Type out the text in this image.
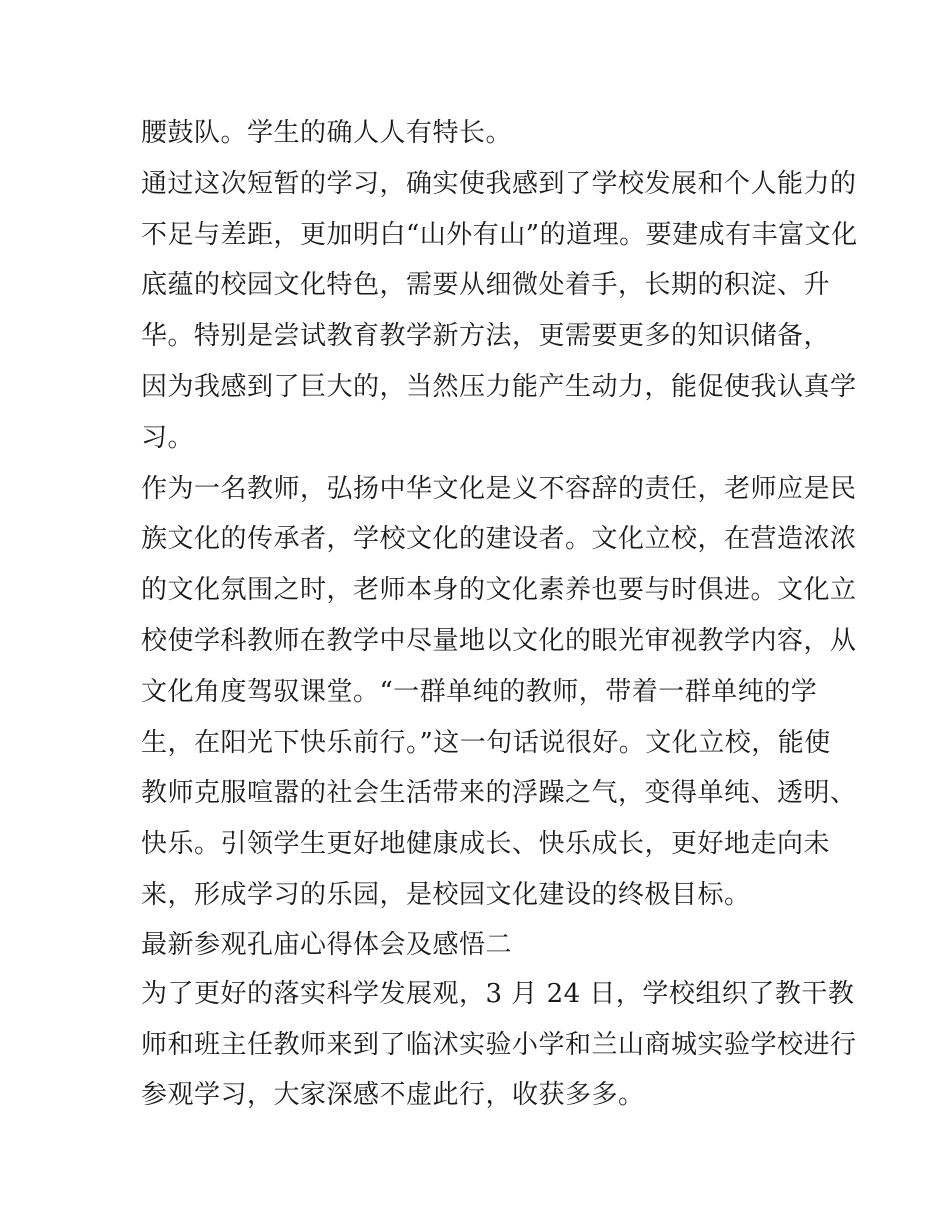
腰鼓队。学生的确人人有特长。
通过这次短暂的学习，确实使我感到了学校发展和个人能力的
不足与差距，更加明白“山外有山”的道理。要建成有丰富文化
底蕴的校园文化特色，需要从细微处着手，长期的积淀、升
华。特别是尝试教育教学新方法，更需要更多的知识储备，
因为我感到了巨大的，当然压力能产生动力，能促使我认真学
习。
作为一名教师，弘扬中华文化是义不容辞的责任，老师应是民
族文化的传承者，学校文化的建设者。文化立校，在营造浓浓
的文化氛围之时，老师本身的文化素养也要与时俱进。文化立
校使学科教师在教学中尽量地以文化的眼光审视教学内容，从
文化角度驾驭课堂。“一群单纯的教师，带着一群单纯的学
生，在阳光下快乐前行。”这一句话说很好。文化立校，能使
教师克服喧嚣的社会生活带来的浮躁之气，变得单纯、透明、
快乐。引领学生更好地健康成长、快乐成长，更好地走向未
来，形成学习的乐园，是校园文化建设的终极目标。
最新参观孔庙心得体会及感悟二
为了更好的落实科学发展观，3 月 24 日，学校组织了教干教
师和班主任教师来到了临沭实验小学和兰山商城实验学校进行
参观学习，大家深感不虚此行，收获多多。
